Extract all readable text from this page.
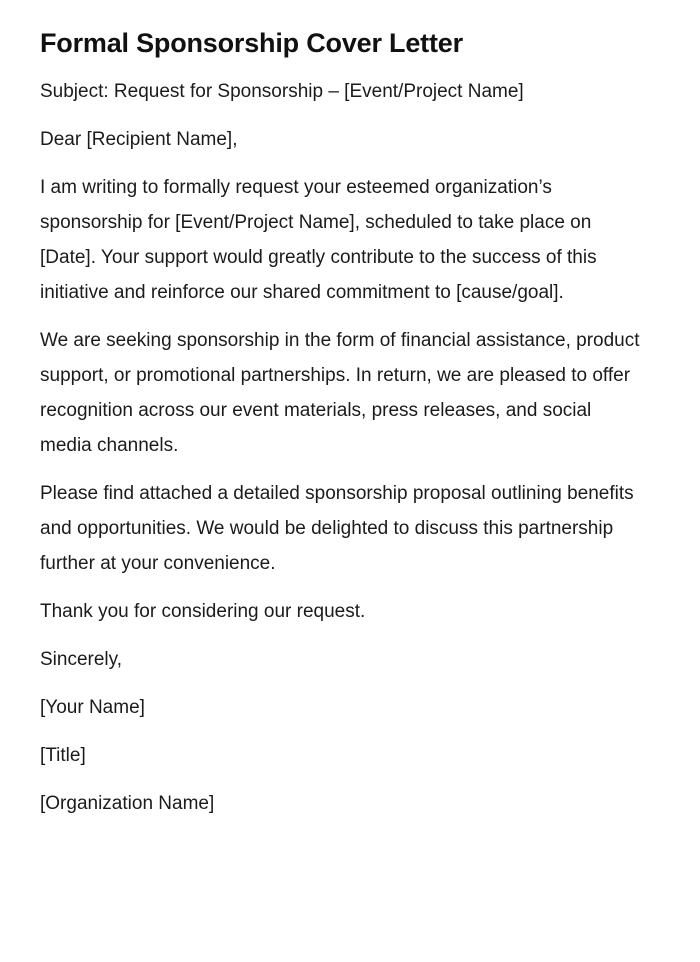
Formal Sponsorship Cover Letter

Subject: Request for Sponsorship – [Event/Project Name]

Dear [Recipient Name],

I am writing to formally request your esteemed organization’s sponsorship for [Event/Project Name], scheduled to take place on [Date]. Your support would greatly contribute to the success of this initiative and reinforce our shared commitment to [cause/goal].

We are seeking sponsorship in the form of financial assistance, product support, or promotional partnerships. In return, we are pleased to offer recognition across our event materials, press releases, and social media channels.

Please find attached a detailed sponsorship proposal outlining benefits and opportunities. We would be delighted to discuss this partnership further at your convenience.

Thank you for considering our request.

Sincerely,

[Your Name]

[Title]

[Organization Name]
